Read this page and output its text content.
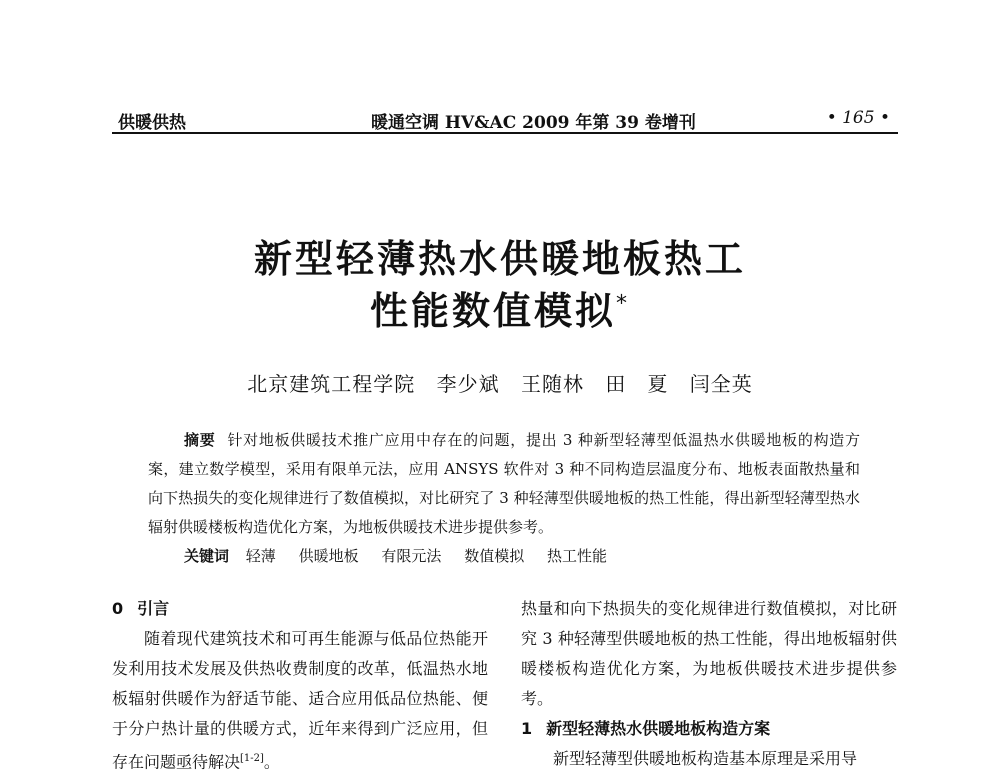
供暖供热	暖通空调 HV&AC 2009 年第 39 卷增刊	• 165 •
新型轻薄热水供暖地板热工
性能数值模拟*
北京建筑工程学院 李少斌 王随林 田　夏 闫全英

摘要 针对地板供暖技术推广应用中存在的问题，提出 3 种新型轻薄型低温热水供暖地板的构造方案，建立数学模型，采用有限单元法，应用 ANSYS 软件对 3 种不同构造层温度分布、地板表面散热量和向下热损失的变化规律进行了数值模拟，对比研究了 3 种轻薄型供暖地板的热工性能，得出新型轻薄型热水辐射供暖楼板构造优化方案，为地板供暖技术进步提供参考。

关键词 轻薄 供暖地板 有限元法 数值模拟 热工性能

0 引言

随着现代建筑技术和可再生能源与低品位热能开发利用技术发展及供热收费制度的改革，低温热水地板辐射供暖作为舒适节能、适合应用低品位热能、便于分户热计量的供暖方式，近年来得到广泛应用，但存在问题亟待解决[1-2]。

热量和向下热损失的变化规律进行数值模拟，对比研究 3 种轻薄型供暖地板的热工性能，得出地板辐射供暖楼板构造优化方案，为地板供暖技术进步提供参考。

1 新型轻薄热水供暖地板构造方案

新型轻薄型供暖地板构造基本原理是采用导
